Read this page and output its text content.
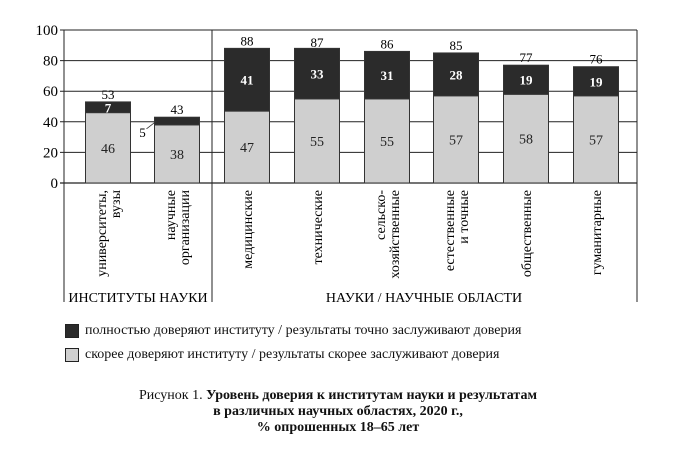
0
20
40
60
80
100
46
7
53
университеты, вузы
38
5
43
научные организации
47
41
88
медицинские
55
33
87
технические
55
31
86
сельско- хозяйственные
57
28
85
естественные и точные
58
19
77
общественные
57
19
76
гуманитарные
ИНСТИТУТЫ НАУКИ	НАУКИ / НАУЧНЫЕ ОБЛАСТИ
полностью доверяют институту / результаты точно заслуживают доверия
скорее доверяют институту / результаты скорее заслуживают доверия
Рисунок 1. Уровень доверия к институтам науки и результатам
в различных научных областях, 2020 г.,
% опрошенных 18–65 лет
